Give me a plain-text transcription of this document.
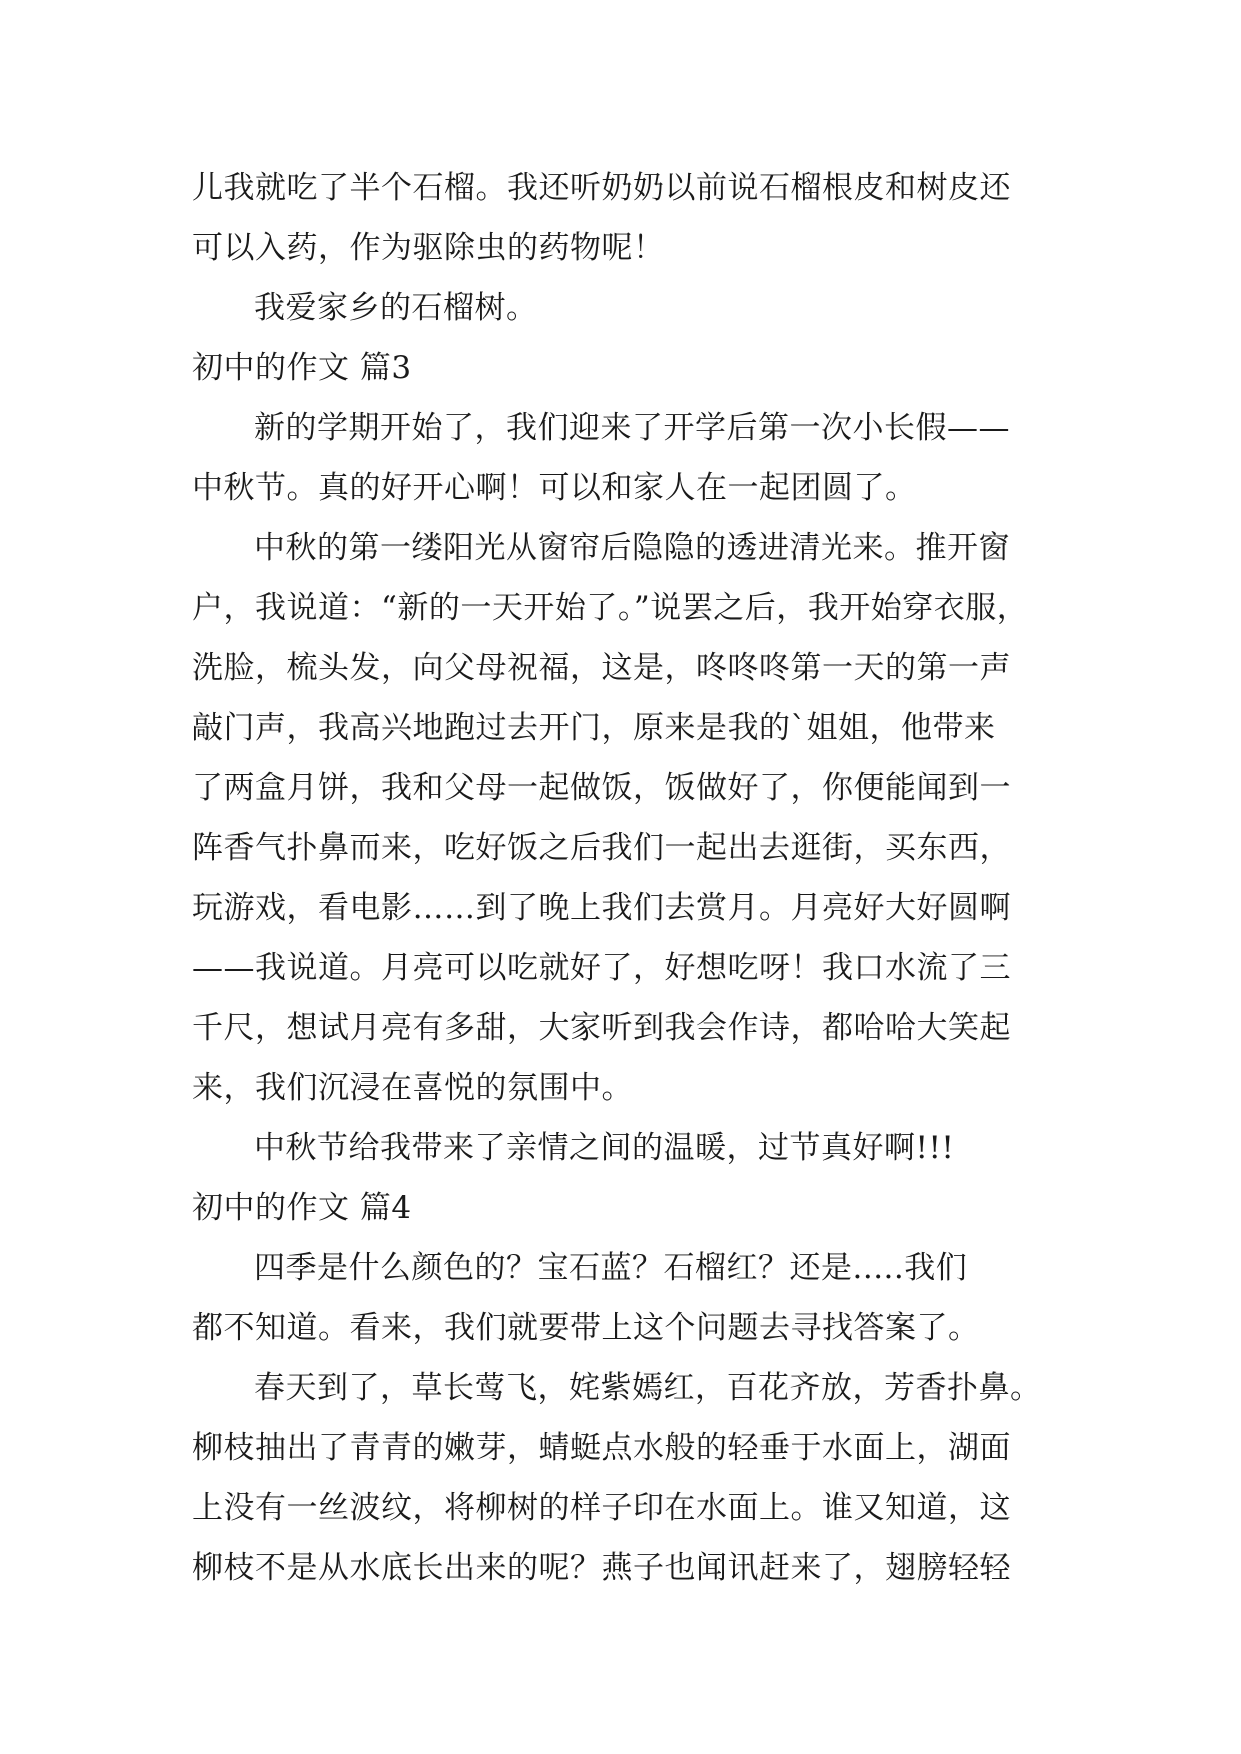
儿我就吃了半个石榴。我还听奶奶以前说石榴根皮和树皮还
可以入药，作为驱除虫的药物呢！
我爱家乡的石榴树。
初中的作文 篇3
新的学期开始了，我们迎来了开学后第一次小长假——
中秋节。真的好开心啊！可以和家人在一起团圆了。
中秋的第一缕阳光从窗帘后隐隐的透进清光来。推开窗
户，我说道：“新的一天开始了。”说罢之后，我开始穿衣服，
洗脸，梳头发，向父母祝福，这是，咚咚咚第一天的第一声
敲门声，我高兴地跑过去开门，原来是我的`姐姐，他带来
了两盒月饼，我和父母一起做饭，饭做好了，你便能闻到一
阵香气扑鼻而来，吃好饭之后我们一起出去逛街，买东西，
玩游戏，看电影……到了晚上我们去赏月。月亮好大好圆啊
——我说道。月亮可以吃就好了，好想吃呀！我口水流了三
千尺，想试月亮有多甜，大家听到我会作诗，都哈哈大笑起
来，我们沉浸在喜悦的氛围中。
中秋节给我带来了亲情之间的温暖，过节真好啊!!!
初中的作文 篇4
四季是什么颜色的？宝石蓝？石榴红？还是.....我们
都不知道。看来，我们就要带上这个问题去寻找答案了。
春天到了，草长莺飞，姹紫嫣红，百花齐放，芳香扑鼻。
柳枝抽出了青青的嫩芽，蜻蜓点水般的轻垂于水面上，湖面
上没有一丝波纹，将柳树的样子印在水面上。谁又知道，这
柳枝不是从水底长出来的呢？燕子也闻讯赶来了，翅膀轻轻
